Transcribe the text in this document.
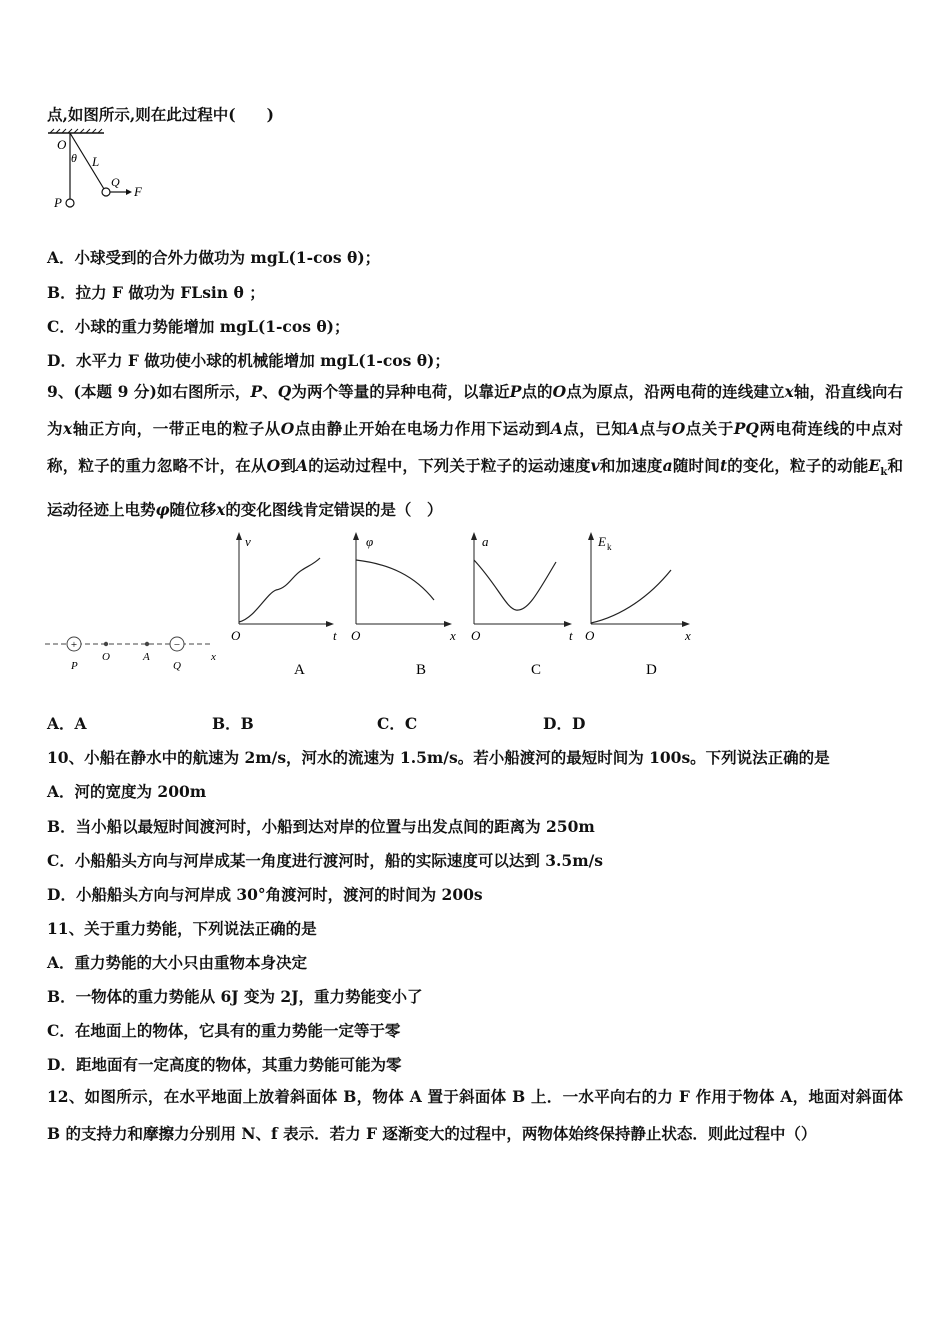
点,如图所示,则在此过程中(　　)
O
θ L
Q
F
P
A．小球受到的合外力做功为 mgL(1-cos θ)；
B．拉力 F 做功为 FLsin θ ；
C．小球的重力势能增加 mgL(1-cos θ)；
D．水平力 F 做功使小球的机械能增加 mgL(1-cos θ)；
9、(本题 9 分)如右图所示，P、Q为两个等量的异种电荷，以靠近P点的O点为原点，沿两电荷的连线建立x轴，沿直线向右为x轴正方向，一带正电的粒子从O点由静止开始在电场力作用下运动到A点，已知A点与O点关于PQ两电荷连线的中点对称，粒子的重力忽略不计，在从O到A的运动过程中，下列关于粒子的运动速度v和加速度a随时间t的变化，粒子的动能$E_k$和运动径迹上电势φ随位移x的变化图线肯定错误的是（　）
+	−
P
O	A
Q
x
v
O	t
A
φ
O	x
B
a
O	t
C
E k
O	x
D
A．A	B．B	C．C	D．D
10、小船在静水中的航速为 2m/s，河水的流速为 1.5m/s。若小船渡河的最短时间为 100s。下列说法正确的是
A．河的宽度为 200m
B．当小船以最短时间渡河时，小船到达对岸的位置与出发点间的距离为 250m
C．小船船头方向与河岸成某一角度进行渡河时，船的实际速度可以达到 3.5m/s
D．小船船头方向与河岸成 30°角渡河时，渡河的时间为 200s
11、关于重力势能，下列说法正确的是
A．重力势能的大小只由重物本身决定
B．一物体的重力势能从 6J 变为 2J，重力势能变小了
C．在地面上的物体，它具有的重力势能一定等于零
D．距地面有一定高度的物体，其重力势能可能为零
12、如图所示，在水平地面上放着斜面体 B，物体 A 置于斜面体 B 上．一水平向右的力 F 作用于物体 A，地面对斜面体 B 的支持力和摩擦力分别用 N、f 表示．若力 F 逐渐变大的过程中，两物体始终保持静止状态．则此过程中（）
